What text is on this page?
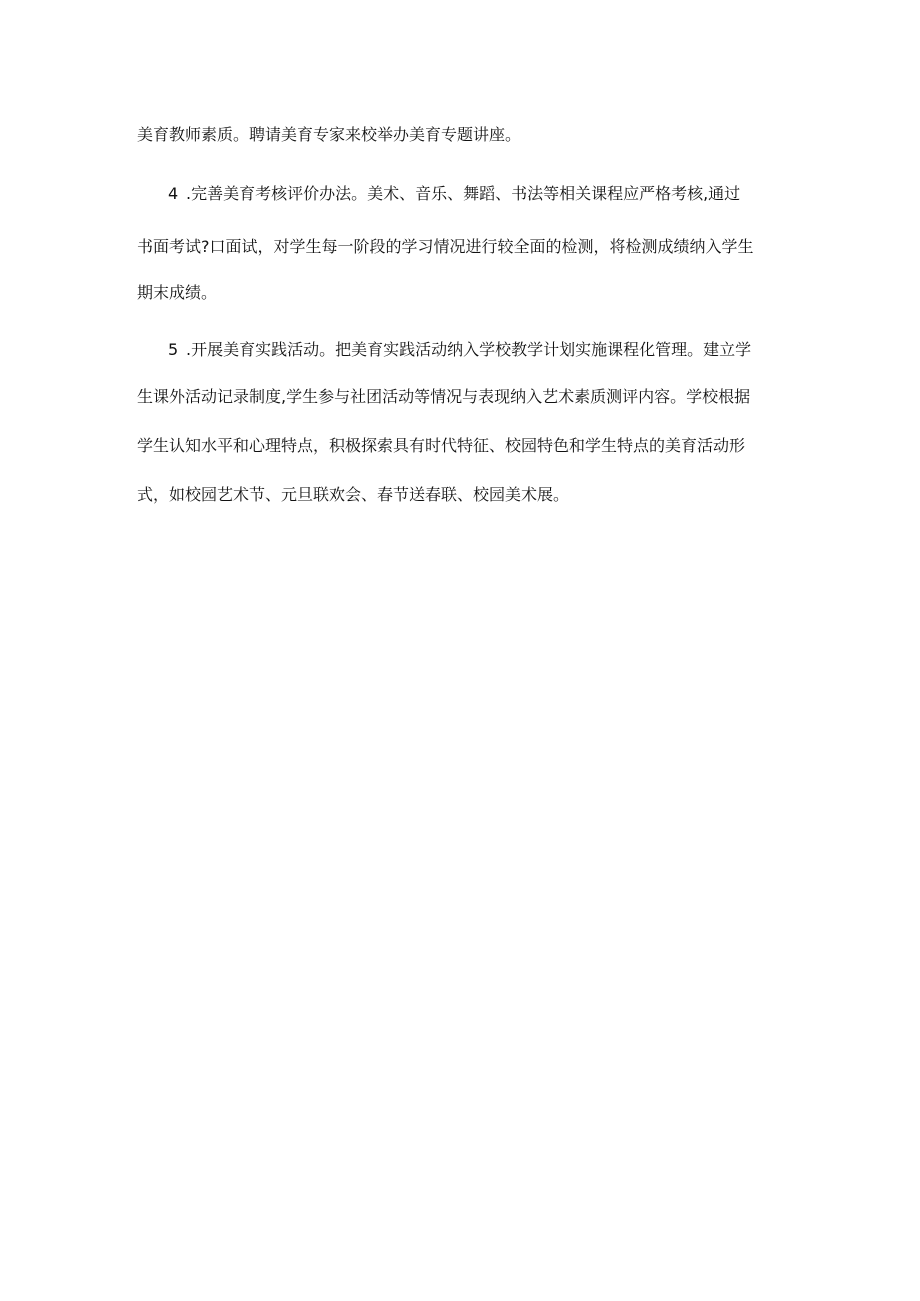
美育教师素质。聘请美育专家来校举办美育专题讲座。
4 .完善美育考核评价办法。美术、音乐、舞蹈、书法等相关课程应严格考核,通过
书面考试?口面试，对学生每一阶段的学习情况进行较全面的检测，将检测成绩纳入学生
期末成绩。
5 .开展美育实践活动。把美育实践活动纳入学校教学计划实施课程化管理。建立学
生课外活动记录制度,学生参与社团活动等情况与表现纳入艺术素质测评内容。学校根据
学生认知水平和心理特点，积极探索具有时代特征、校园特色和学生特点的美育活动形
式，如校园艺术节、元旦联欢会、春节送春联、校园美术展。
